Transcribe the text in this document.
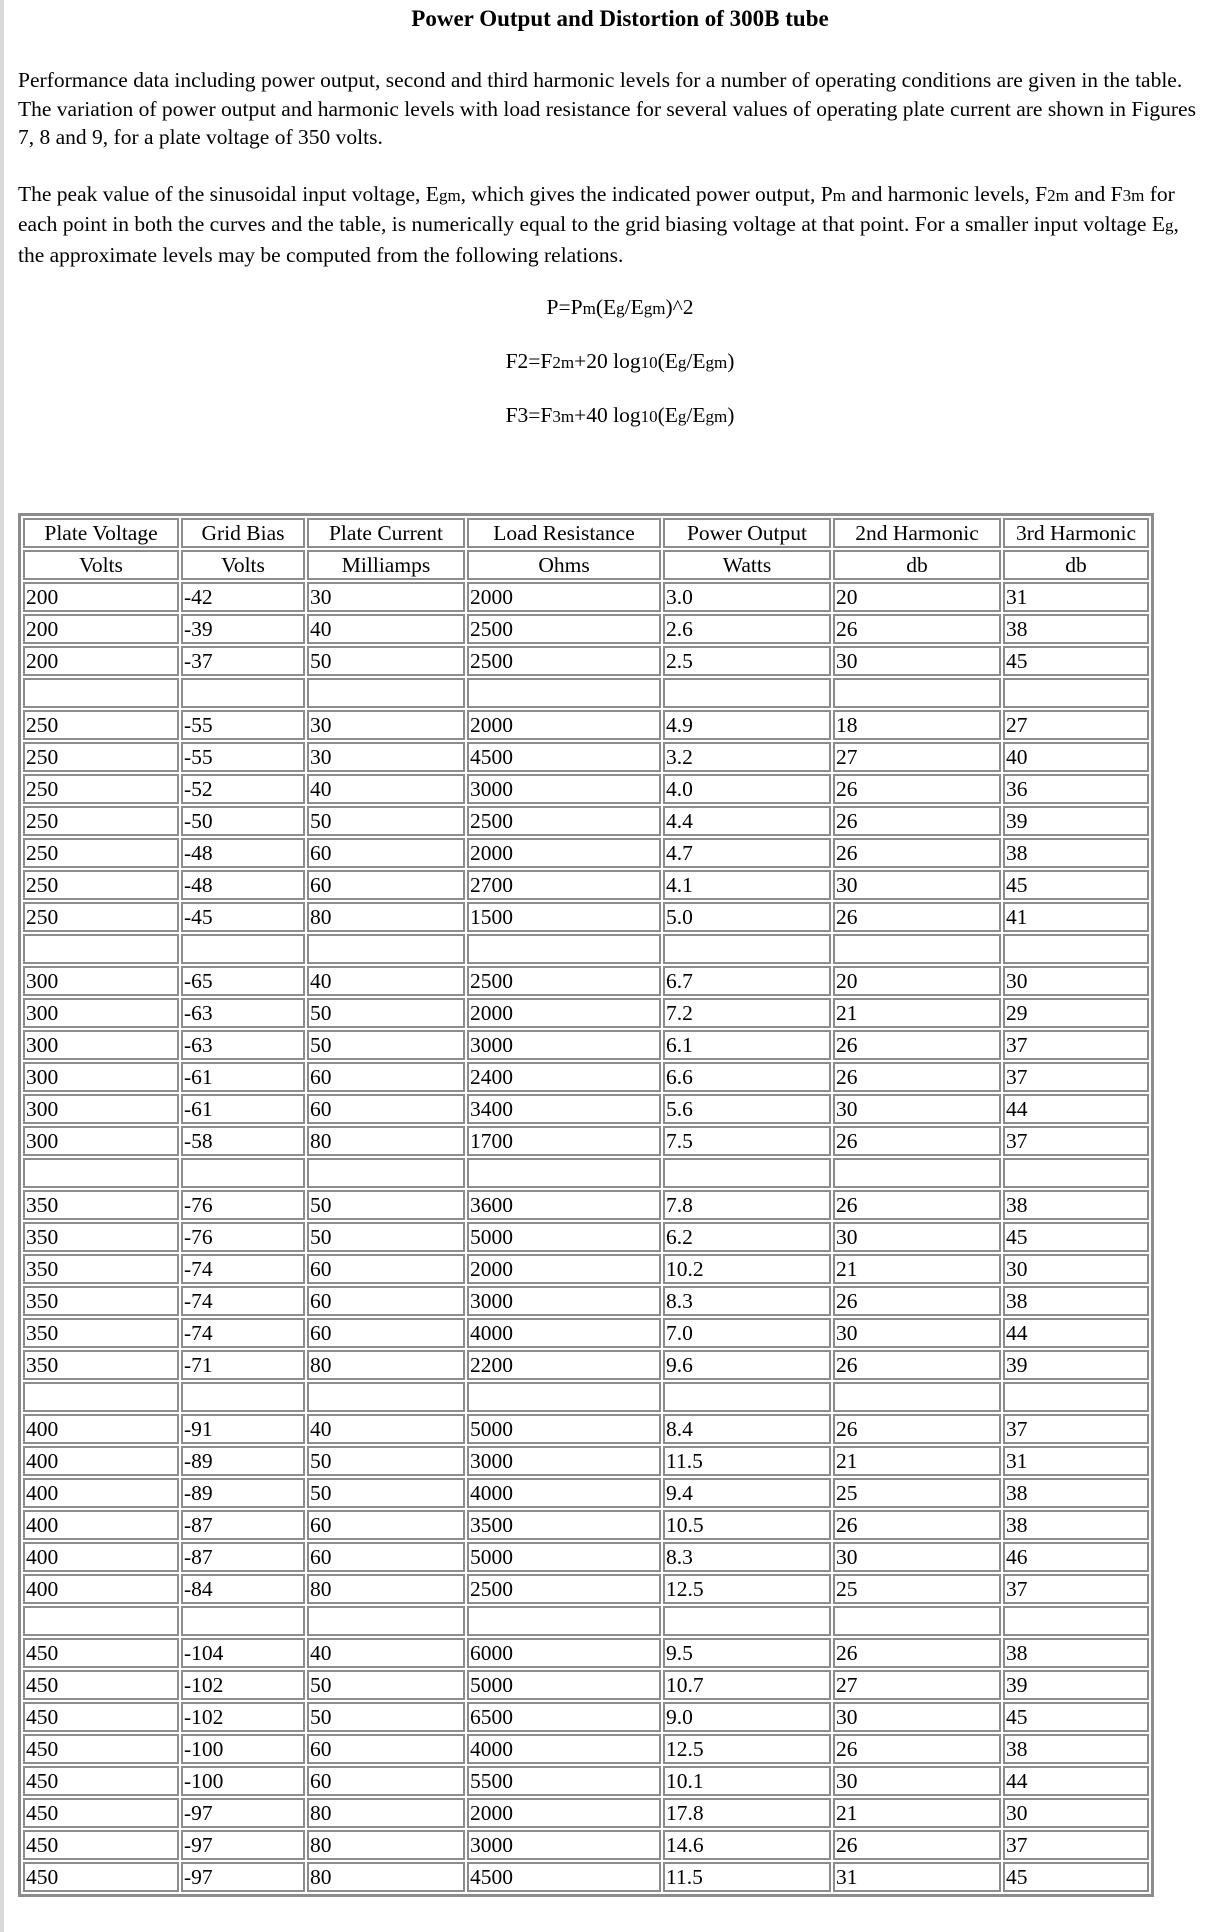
Power Output and Distortion of 300B tube

Performance data including power output, second and third harmonic levels for a number of operating conditions are given in the table.
The variation of power output and harmonic levels with load resistance for several values of operating plate current are shown in Figures 7, 8 and 9, for a plate voltage of 350 volts.

The peak value of the sinusoidal input voltage, Egm, which gives the indicated power output, Pm and harmonic levels, F2m and F3m for each point in both the curves and the table, is numerically equal to the grid biasing voltage at that point. For a smaller input voltage Eg, the approximate levels may be computed from the following relations.

P=Pm(Eg/Egm)^2

F2=F2m+20 log10(Eg/Egm)

F3=F3m+40 log10(Eg/Egm)

Plate Voltage	Grid Bias	Plate Current	Load Resistance	Power Output	2nd Harmonic	3rd Harmonic
Volts	Volts	Milliamps	Ohms	Watts	db	db
200	-42	30	2000	3.0	20	31
200	-39	40	2500	2.6	26	38
200	-37	50	2500	2.5	30	45

250	-55	30	2000	4.9	18	27
250	-55	30	4500	3.2	27	40
250	-52	40	3000	4.0	26	36
250	-50	50	2500	4.4	26	39
250	-48	60	2000	4.7	26	38
250	-48	60	2700	4.1	30	45
250	-45	80	1500	5.0	26	41

300	-65	40	2500	6.7	20	30
300	-63	50	2000	7.2	21	29
300	-63	50	3000	6.1	26	37
300	-61	60	2400	6.6	26	37
300	-61	60	3400	5.6	30	44
300	-58	80	1700	7.5	26	37

350	-76	50	3600	7.8	26	38
350	-76	50	5000	6.2	30	45
350	-74	60	2000	10.2	21	30
350	-74	60	3000	8.3	26	38
350	-74	60	4000	7.0	30	44
350	-71	80	2200	9.6	26	39

400	-91	40	5000	8.4	26	37
400	-89	50	3000	11.5	21	31
400	-89	50	4000	9.4	25	38
400	-87	60	3500	10.5	26	38
400	-87	60	5000	8.3	30	46
400	-84	80	2500	12.5	25	37

450	-104	40	6000	9.5	26	38
450	-102	50	5000	10.7	27	39
450	-102	50	6500	9.0	30	45
450	-100	60	4000	12.5	26	38
450	-100	60	5500	10.1	30	44
450	-97	80	2000	17.8	21	30
450	-97	80	3000	14.6	26	37
450	-97	80	4500	11.5	31	45
